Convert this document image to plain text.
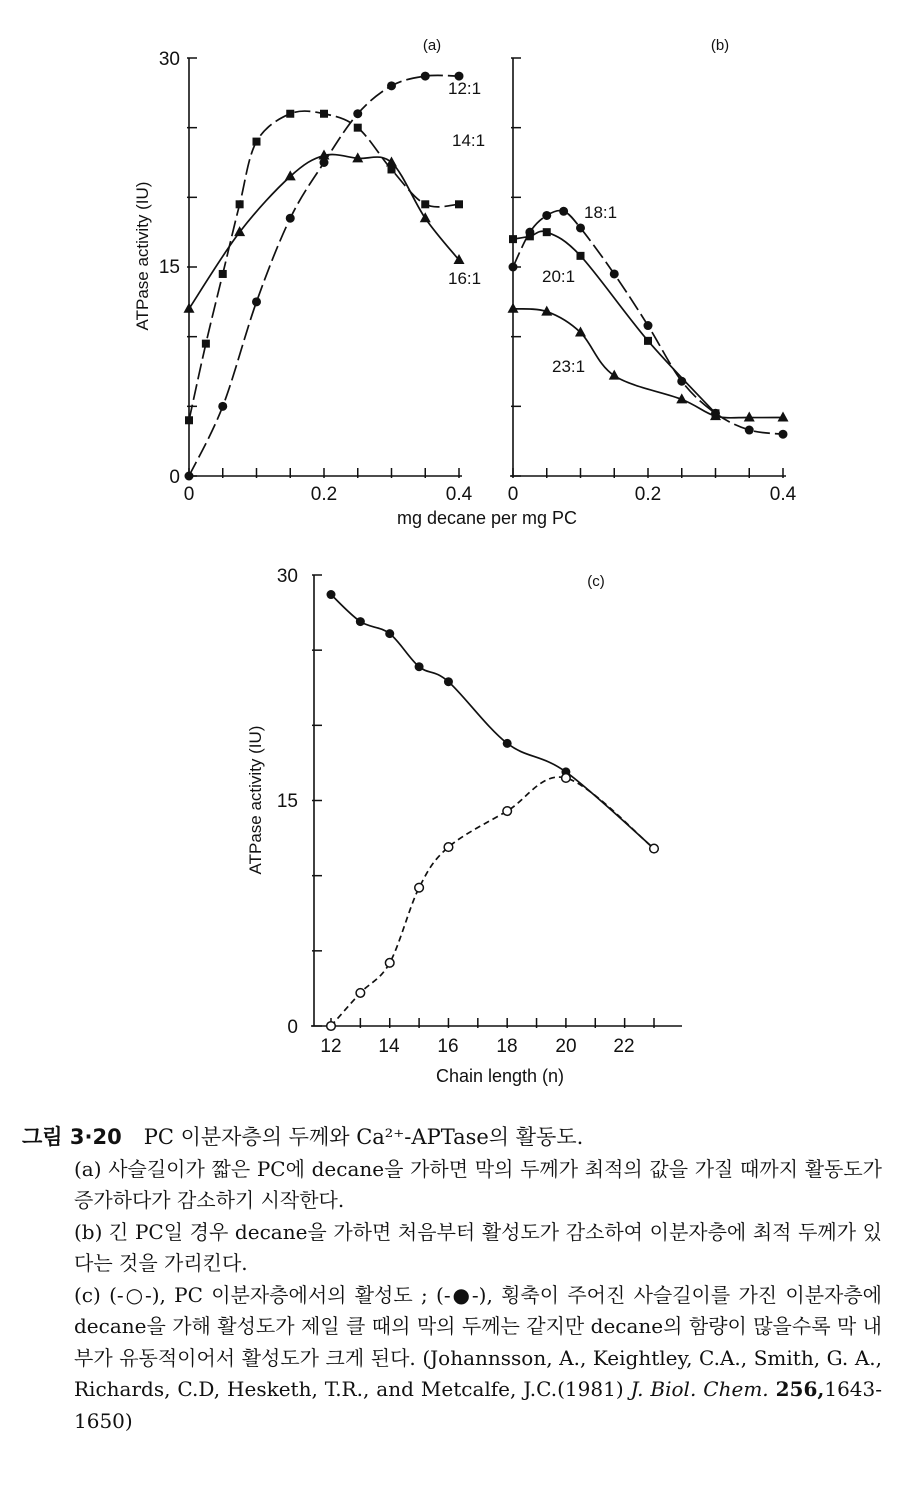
(a)
ATPase activity (IU)
0
15
30
0	0.2	0.4
12:1
14:1
16:1
(b)
0	0.2	0.4
18:1
20:1
23:1
mg decane per mg PC
(c)
ATPase activity (IU)
0
15
30
12 14 16 18 20 22
Chain length (n)
그림 3·20 PC 이분자층의 두께와 Ca²⁺-APTase의 활동도.
(a) 사슬길이가 짧은 PC에 decane을 가하면 막의 두께가 최적의 값을 가질 때까지 활동도가 증가하다가 감소하기 시작한다.
(b) 긴 PC일 경우 decane을 가하면 처음부터 활성도가 감소하여 이분자층에 최적 두께가 있다는 것을 가리킨다.
(c) (-○-), PC 이분자층에서의 활성도 ; (-●-), 횡축이 주어진 사슬길이를 가진 이분자층에 decane을 가해 활성도가 제일 클 때의 막의 두께는 같지만 decane의 함량이 많을수록 막 내부가 유동적이어서 활성도가 크게 된다. (Johannsson, A., Keightley, C.A., Smith, G. A., Richards, C.D, Hesketh, T.R., and Metcalfe, J.C.(1981) J. Biol. Chem. 256,1643-1650)
